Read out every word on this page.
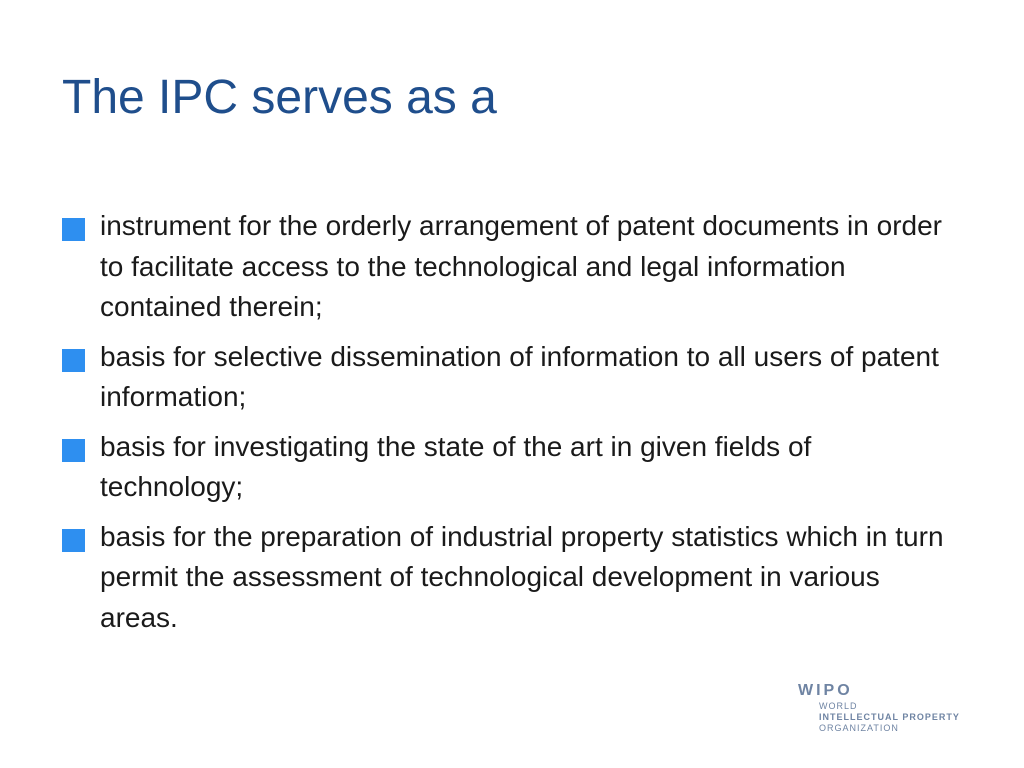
The IPC serves as a
instrument for the orderly arrangement of patent documents in order to facilitate access to the technological and legal information contained therein;
basis for selective dissemination of information to all users of patent information;
basis for investigating the state of the art in given fields of technology;
basis for the preparation of industrial property statistics which in turn permit the assessment of technological development in various areas.
WIPO
WORLD
INTELLECTUAL PROPERTY
ORGANIZATION
